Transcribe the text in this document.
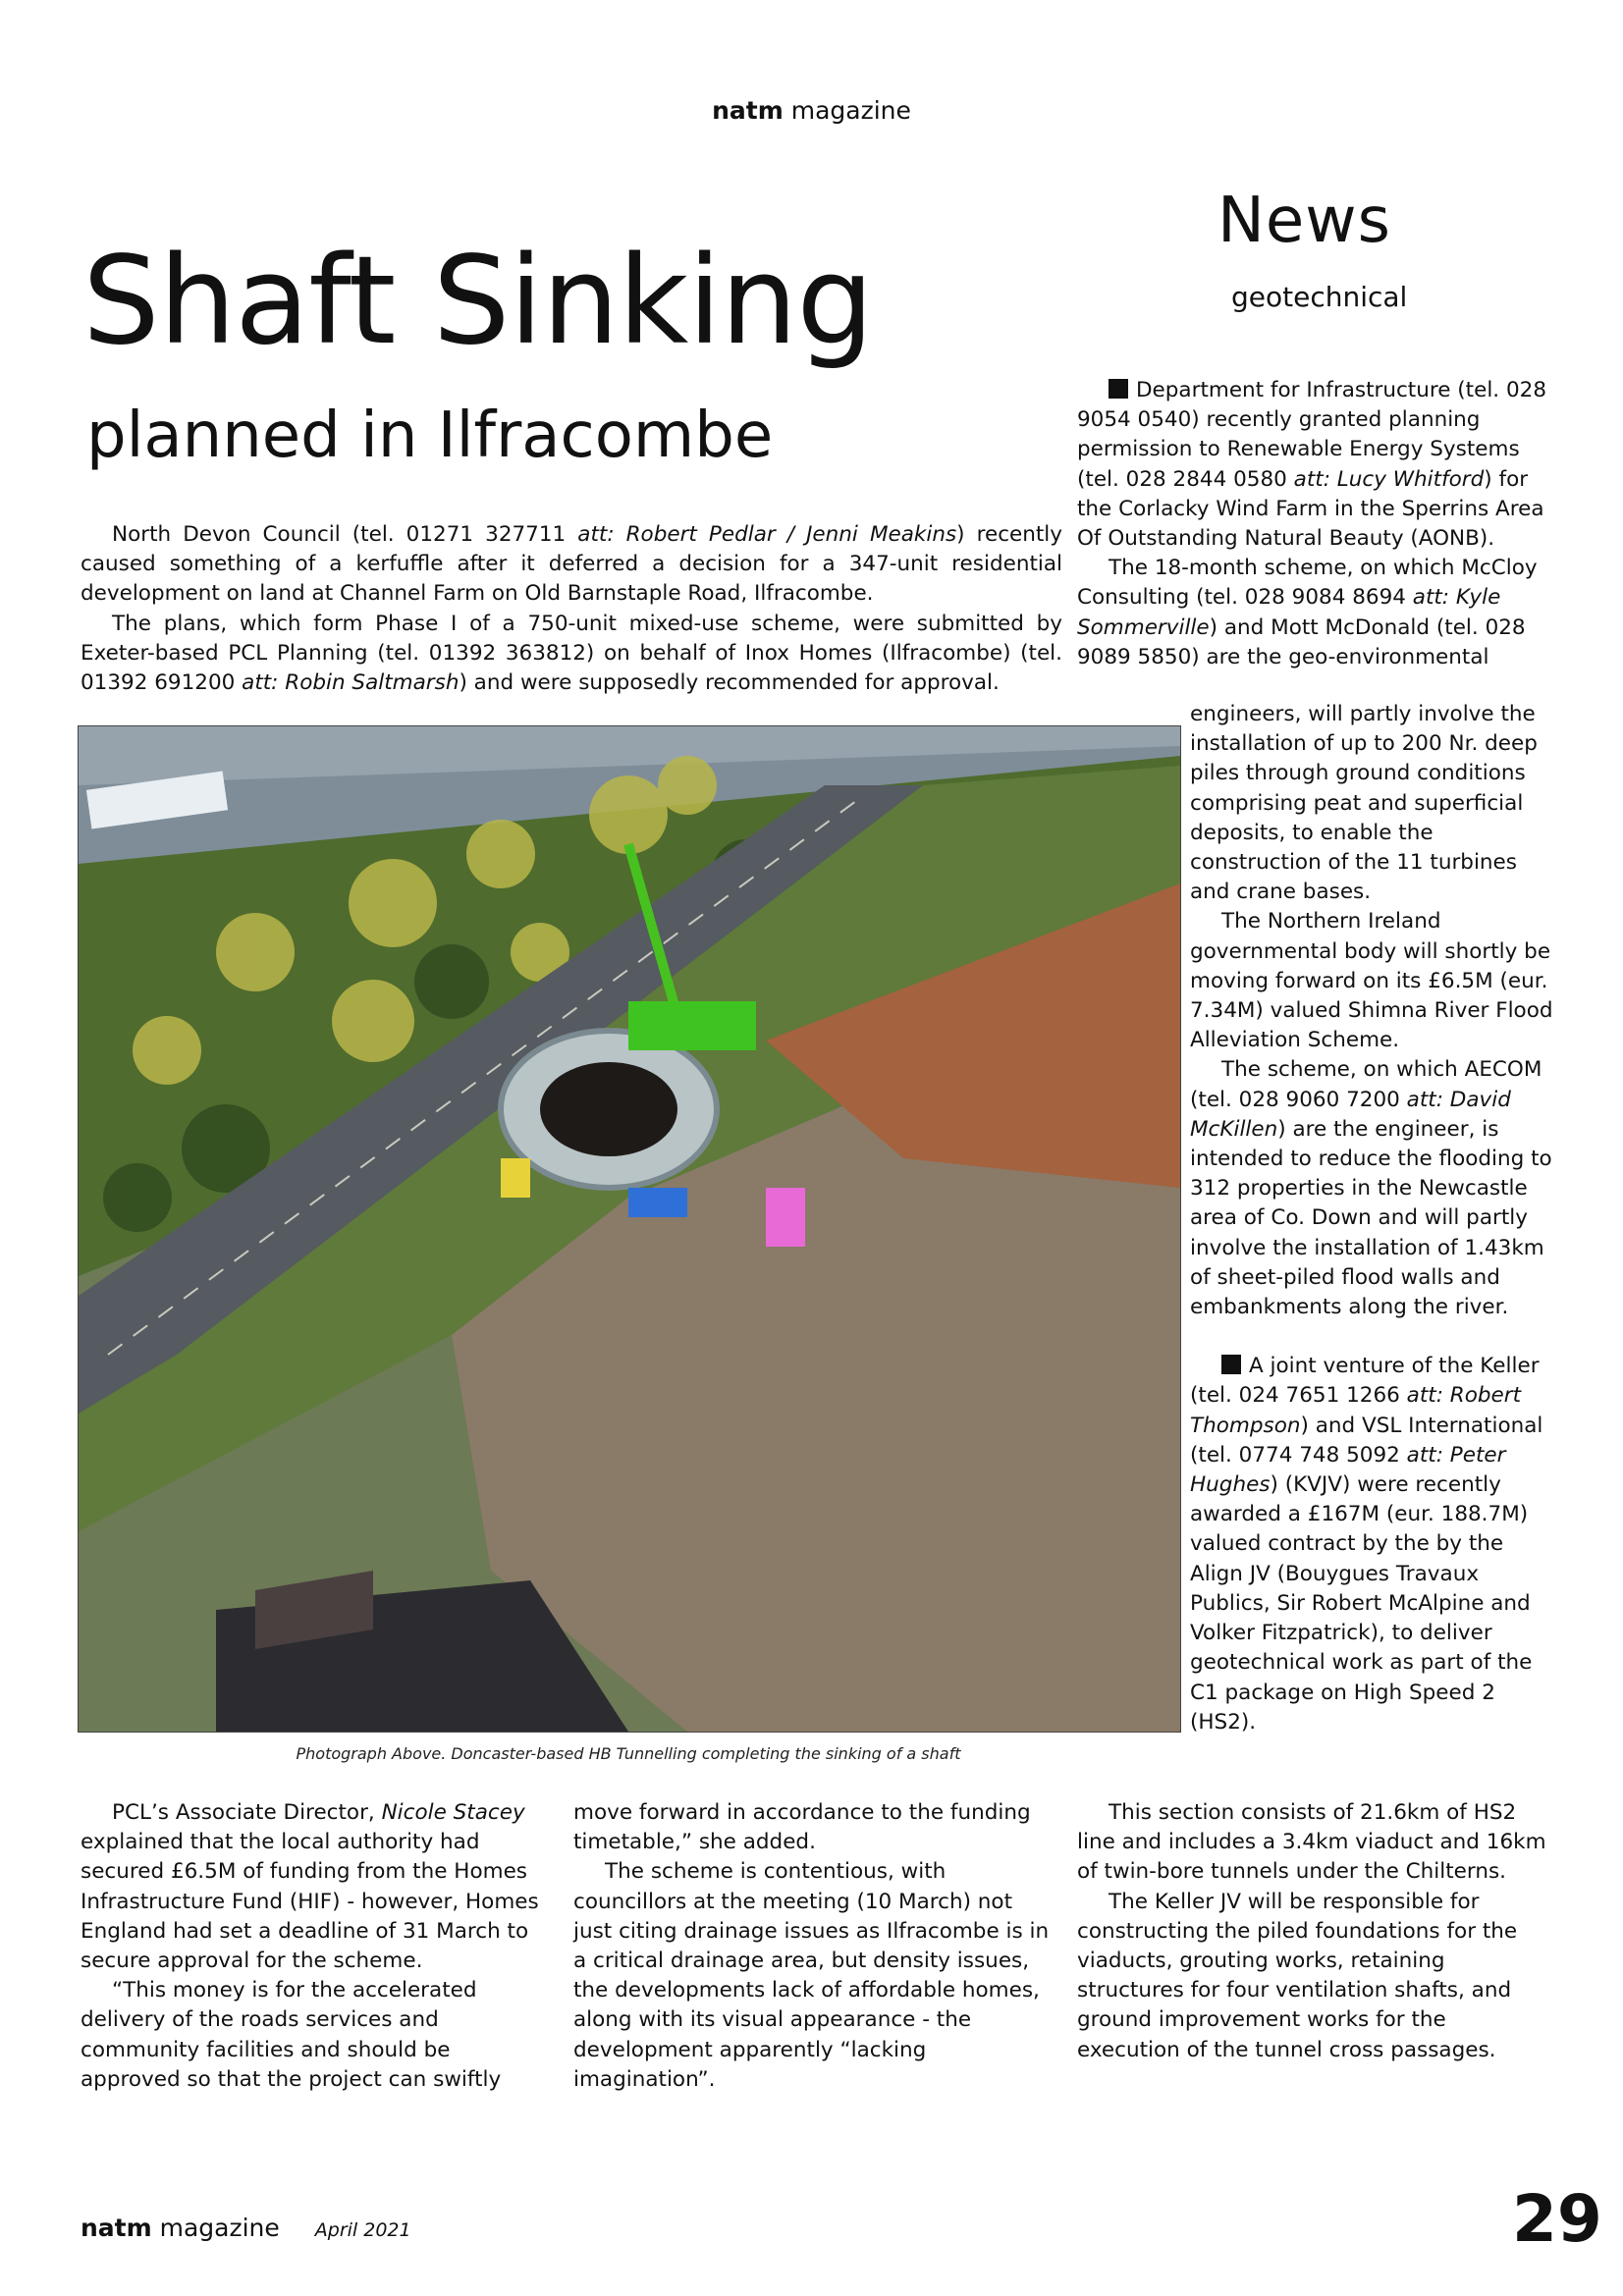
natm magazine
News
geotechnical
Shaft Sinking
planned in Ilfracombe

North Devon Council (tel. 01271 327711 att: Robert Pedlar / Jenni Meakins) recently caused something of a kerfuffle after it deferred a decision for a 347-unit residential development on land at Channel Farm on Old Barnstaple Road, Ilfracombe.

The plans, which form Phase I of a 750-unit mixed-use scheme, were submitted by Exeter-based PCL Planning (tel. 01392 363812) on behalf of Inox Homes (Ilfracombe) (tel. 01392 691200 att: Robin Saltmarsh) and were supposedly recommended for approval.

Department for Infrastructure (tel. 028 9054 0540) recently granted planning permission to Renewable Energy Systems (tel. 028 2844 0580 att: Lucy Whitford) for the Corlacky Wind Farm in the Sperrins Area Of Outstanding Natural Beauty (AONB).

The 18-month scheme, on which McCloy Consulting (tel. 028 9084 8694 att: Kyle Sommerville) and Mott McDonald (tel. 028 9089 5850) are the geo-environmental

engineers, will partly involve the installation of up to 200 Nr. deep piles through ground conditions comprising peat and superficial deposits, to enable the construction of the 11 turbines and crane bases.

The Northern Ireland governmental body will shortly be moving forward on its £6.5M (eur. 7.34M) valued Shimna River Flood Alleviation Scheme.

The scheme, on which AECOM (tel. 028 9060 7200 att: David McKillen) are the engineer, is intended to reduce the flooding to 312 properties in the Newcastle area of Co. Down and will partly involve the installation of 1.43km of sheet-piled flood walls and embankments along the river.

A joint venture of the Keller (tel. 024 7651 1266 att: Robert Thompson) and VSL International (tel. 0774 748 5092 att: Peter Hughes) (KVJV) were recently awarded a £167M (eur. 188.7M) valued contract by the by the Align JV (Bouygues Travaux Publics, Sir Robert McAlpine and Volker Fitzpatrick), to deliver geotechnical work as part of the C1 package on High Speed 2 (HS2).

This section consists of 21.6km of HS2 line and includes a 3.4km viaduct and 16km of twin-bore tunnels under the Chilterns.

The Keller JV will be responsible for constructing the piled foundations for the viaducts, grouting works, retaining structures for four ventilation shafts, and ground improvement works for the execution of the tunnel cross passages.

Photograph Above. Doncaster-based HB Tunnelling completing the sinking of a shaft

PCL’s Associate Director, Nicole Stacey explained that the local authority had secured £6.5M of funding from the Homes Infrastructure Fund (HIF) - however, Homes England had set a deadline of 31 March to secure approval for the scheme.

“This money is for the accelerated delivery of the roads services and community facilities and should be approved so that the project can swiftly

move forward in accordance to the funding timetable,” she added.

The scheme is contentious, with councillors at the meeting (10 March) not just citing drainage issues as Ilfracombe is in a critical drainage area, but density issues, the developments lack of affordable homes, along with its visual appearance - the development apparently “lacking imagination”.

natm magazine April 2021	29
